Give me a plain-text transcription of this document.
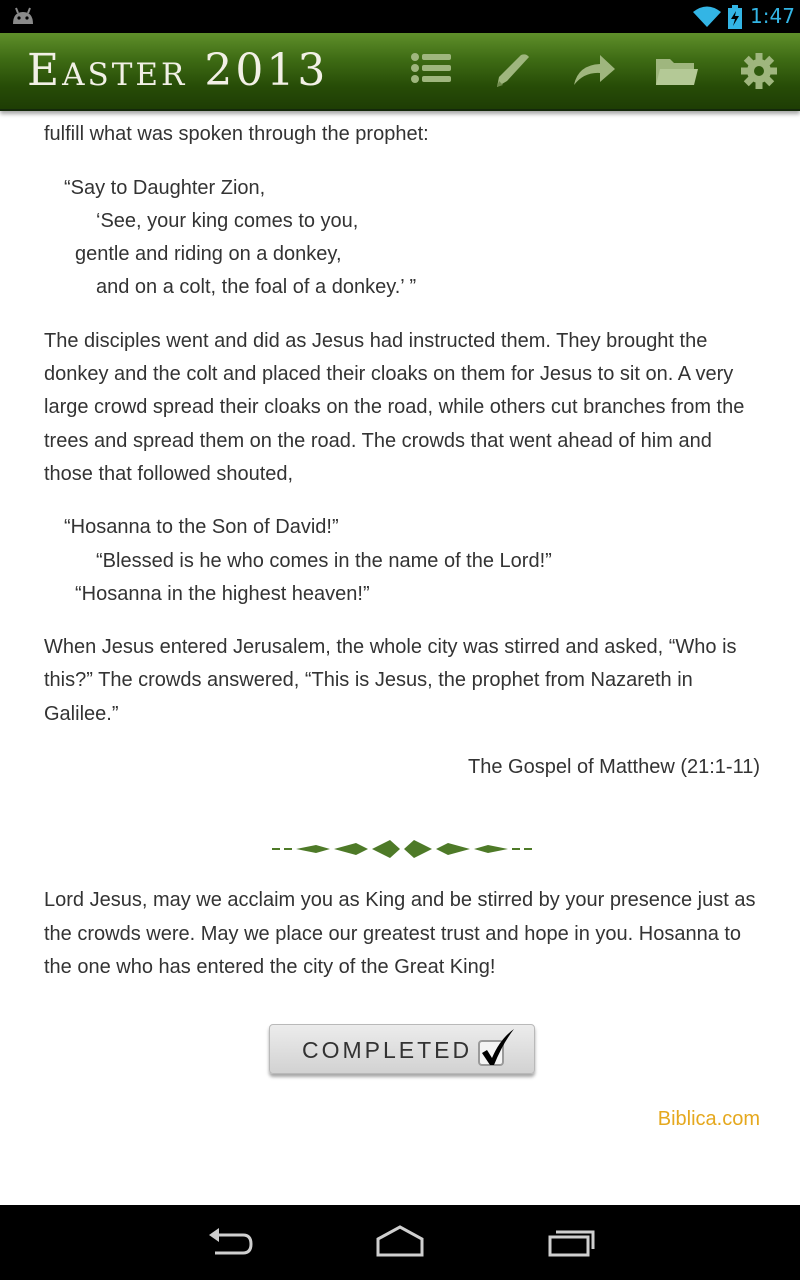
1:47
Easter 2013

fulfill what was spoken through the prophet:

“Say to Daughter Zion,
‘See, your king comes to you,
gentle and riding on a donkey,
and on a colt, the foal of a donkey.’ ”

The disciples went and did as Jesus had instructed them. They brought the donkey and the colt and placed their cloaks on them for Jesus to sit on. A very large crowd spread their cloaks on the road, while others cut branches from the trees and spread them on the road. The crowds that went ahead of him and those that followed shouted,

“Hosanna to the Son of David!”
“Blessed is he who comes in the name of the Lord!”
“Hosanna in the highest heaven!”

When Jesus entered Jerusalem, the whole city was stirred and asked, “Who is this?” The crowds answered, “This is Jesus, the prophet from Nazareth in Galilee.”

The Gospel of Matthew (21:1-11)

Lord Jesus, may we acclaim you as King and be stirred by your presence just as the crowds were. May we place our greatest trust and hope in you. Hosanna to the one who has entered the city of the Great King!

COMPLETED
Biblica.com
